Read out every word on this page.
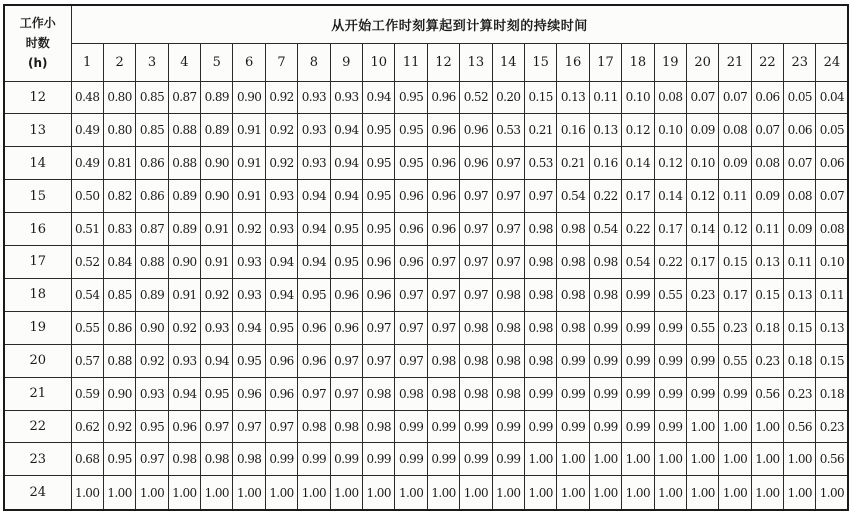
工作小
时数
(h)	从开始工作时刻算起到计算时刻的持续时间																							
	1	2	3	4	5	6	7	8	9	10	11	12	13	14	15	16	17	18	19	20	21	22	23	24
12	0.48	0.80	0.85	0.87	0.89	0.90	0.92	0.93	0.93	0.94	0.95	0.96	0.52	0.20	0.15	0.13	0.11	0.10	0.08	0.07	0.07	0.06	0.05	0.04
13	0.49	0.80	0.85	0.88	0.89	0.91	0.92	0.93	0.94	0.95	0.95	0.96	0.96	0.53	0.21	0.16	0.13	0.12	0.10	0.09	0.08	0.07	0.06	0.05
14	0.49	0.81	0.86	0.88	0.90	0.91	0.92	0.93	0.94	0.95	0.95	0.96	0.96	0.97	0.53	0.21	0.16	0.14	0.12	0.10	0.09	0.08	0.07	0.06
15	0.50	0.82	0.86	0.89	0.90	0.91	0.93	0.94	0.94	0.95	0.96	0.96	0.97	0.97	0.97	0.54	0.22	0.17	0.14	0.12	0.11	0.09	0.08	0.07
16	0.51	0.83	0.87	0.89	0.91	0.92	0.93	0.94	0.95	0.95	0.96	0.96	0.97	0.97	0.98	0.98	0.54	0.22	0.17	0.14	0.12	0.11	0.09	0.08
17	0.52	0.84	0.88	0.90	0.91	0.93	0.94	0.94	0.95	0.96	0.96	0.97	0.97	0.97	0.98	0.98	0.98	0.54	0.22	0.17	0.15	0.13	0.11	0.10
18	0.54	0.85	0.89	0.91	0.92	0.93	0.94	0.95	0.96	0.96	0.97	0.97	0.97	0.98	0.98	0.98	0.98	0.99	0.55	0.23	0.17	0.15	0.13	0.11
19	0.55	0.86	0.90	0.92	0.93	0.94	0.95	0.96	0.96	0.97	0.97	0.97	0.98	0.98	0.98	0.98	0.99	0.99	0.99	0.55	0.23	0.18	0.15	0.13
20	0.57	0.88	0.92	0.93	0.94	0.95	0.96	0.96	0.97	0.97	0.97	0.98	0.98	0.98	0.98	0.99	0.99	0.99	0.99	0.99	0.55	0.23	0.18	0.15
21	0.59	0.90	0.93	0.94	0.95	0.96	0.96	0.97	0.97	0.98	0.98	0.98	0.98	0.98	0.99	0.99	0.99	0.99	0.99	0.99	0.99	0.56	0.23	0.18
22	0.62	0.92	0.95	0.96	0.97	0.97	0.97	0.98	0.98	0.98	0.99	0.99	0.99	0.99	0.99	0.99	0.99	0.99	0.99	1.00	1.00	1.00	0.56	0.23
23	0.68	0.95	0.97	0.98	0.98	0.98	0.99	0.99	0.99	0.99	0.99	0.99	0.99	0.99	1.00	1.00	1.00	1.00	1.00	1.00	1.00	1.00	1.00	0.56
24	1.00	1.00	1.00	1.00	1.00	1.00	1.00	1.00	1.00	1.00	1.00	1.00	1.00	1.00	1.00	1.00	1.00	1.00	1.00	1.00	1.00	1.00	1.00	1.00
